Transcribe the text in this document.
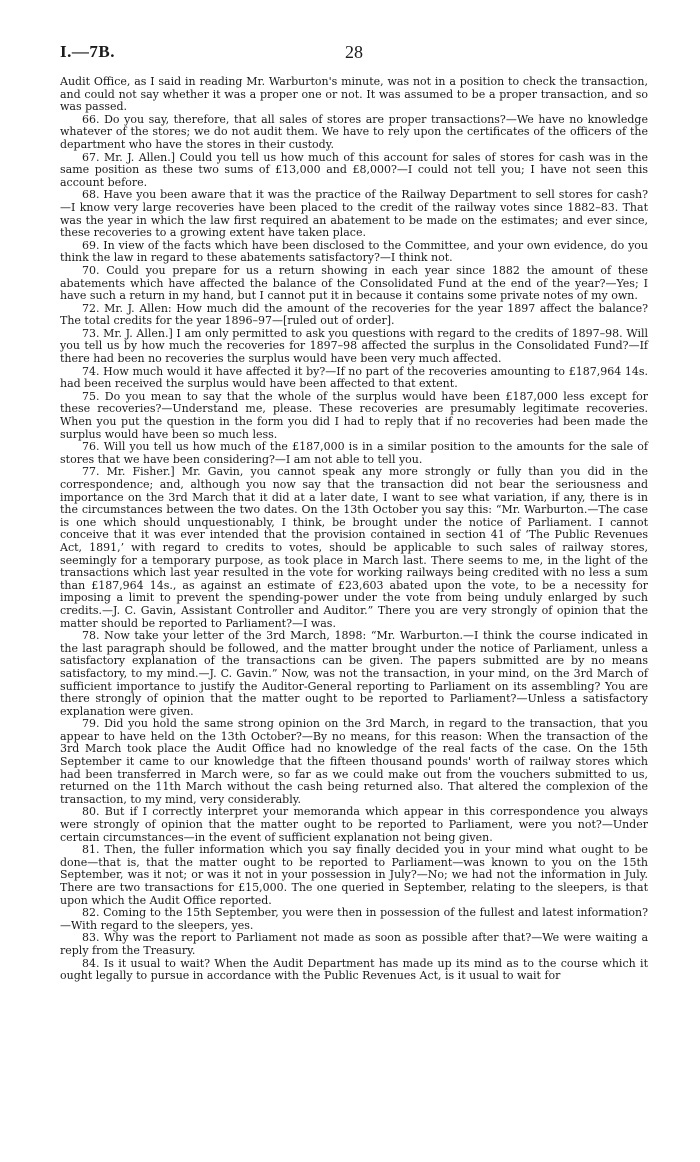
I.—7B.	28

Audit Office, as I said in reading Mr. Warburton's minute, was not in a position to check the transaction, and could not say whether it was a proper one or not. It was assumed to be a proper transaction, and so was passed.

66. Do you say, therefore, that all sales of stores are proper transactions?—We have no knowledge whatever of the stores; we do not audit them. We have to rely upon the certificates of the officers of the department who have the stores in their custody.

67. Mr. J. Allen.] Could you tell us how much of this account for sales of stores for cash was in the same position as these two sums of £13,000 and £8,000?—I could not tell you; I have not seen this account before.

68. Have you been aware that it was the practice of the Railway Department to sell stores for cash?—I know very large recoveries have been placed to the credit of the railway votes since 1882–83. That was the year in which the law first required an abatement to be made on the estimates; and ever since, these recoveries to a growing extent have taken place.

69. In view of the facts which have been disclosed to the Committee, and your own evidence, do you think the law in regard to these abatements satisfactory?—I think not.

70. Could you prepare for us a return showing in each year since 1882 the amount of these abatements which have affected the balance of the Consolidated Fund at the end of the year?—Yes; I have such a return in my hand, but I cannot put it in because it contains some private notes of my own.

72. Mr. J. Allen: How much did the amount of the recoveries for the year 1897 affect the balance? The total credits for the year 1896–97—[ruled out of order].

73. Mr. J. Allen.] I am only permitted to ask you questions with regard to the credits of 1897–98. Will you tell us by how much the recoveries for 1897–98 affected the surplus in the Consolidated Fund?—If there had been no recoveries the surplus would have been very much affected.

74. How much would it have affected it by?—If no part of the recoveries amounting to £187,964 14s. had been received the surplus would have been affected to that extent.

75. Do you mean to say that the whole of the surplus would have been £187,000 less except for these recoveries?—Understand me, please. These recoveries are presumably legitimate recoveries. When you put the question in the form you did I had to reply that if no recoveries had been made the surplus would have been so much less.

76. Will you tell us how much of the £187,000 is in a similar position to the amounts for the sale of stores that we have been considering?—I am not able to tell you.

77. Mr. Fisher.] Mr. Gavin, you cannot speak any more strongly or fully than you did in the correspondence; and, although you now say that the transaction did not bear the seriousness and importance on the 3rd March that it did at a later date, I want to see what variation, if any, there is in the circumstances between the two dates. On the 13th October you say this: “Mr. Warburton.—The case is one which should unquestionably, I think, be brought under the notice of Parliament. I cannot conceive that it was ever intended that the provision contained in section 41 of ‘The Public Revenues Act, 1891,’ with regard to credits to votes, should be applicable to such sales of railway stores, seemingly for a temporary purpose, as took place in March last. There seems to me, in the light of the transactions which last year resulted in the vote for working railways being credited with no less a sum than £187,964 14s., as against an estimate of £23,603 abated upon the vote, to be a necessity for imposing a limit to prevent the spending-power under the vote from being unduly enlarged by such credits.—J. C. Gavin, Assistant Controller and Auditor.” There you are very strongly of opinion that the matter should be reported to Parliament?—I was.

78. Now take your letter of the 3rd March, 1898: “Mr. Warburton.—I think the course indicated in the last paragraph should be followed, and the matter brought under the notice of Parliament, unless a satisfactory explanation of the transactions can be given. The papers submitted are by no means satisfactory, to my mind.—J. C. Gavin.” Now, was not the transaction, in your mind, on the 3rd March of sufficient importance to justify the Auditor-General reporting to Parliament on its assembling? You are there strongly of opinion that the matter ought to be reported to Parliament?—Unless a satisfactory explanation were given.

79. Did you hold the same strong opinion on the 3rd March, in regard to the transaction, that you appear to have held on the 13th October?—By no means, for this reason: When the transaction of the 3rd March took place the Audit Office had no knowledge of the real facts of the case. On the 15th September it came to our knowledge that the fifteen thousand pounds' worth of railway stores which had been transferred in March were, so far as we could make out from the vouchers submitted to us, returned on the 11th March without the cash being returned also. That altered the complexion of the transaction, to my mind, very considerably.

80. But if I correctly interpret your memoranda which appear in this correspondence you always were strongly of opinion that the matter ought to be reported to Parliament, were you not?—Under certain circumstances—in the event of sufficient explanation not being given.

81. Then, the fuller information which you say finally decided you in your mind what ought to be done—that is, that the matter ought to be reported to Parliament—was known to you on the 15th September, was it not; or was it not in your possession in July?—No; we had not the information in July. There are two transactions for £15,000. The one queried in September, relating to the sleepers, is that upon which the Audit Office reported.

82. Coming to the 15th September, you were then in possession of the fullest and latest information?—With regard to the sleepers, yes.

83. Why was the report to Parliament not made as soon as possible after that?—We were waiting a reply from the Treasury.

84. Is it usual to wait? When the Audit Department has made up its mind as to the course which it ought legally to pursue in accordance with the Public Revenues Act, is it usual to wait for
